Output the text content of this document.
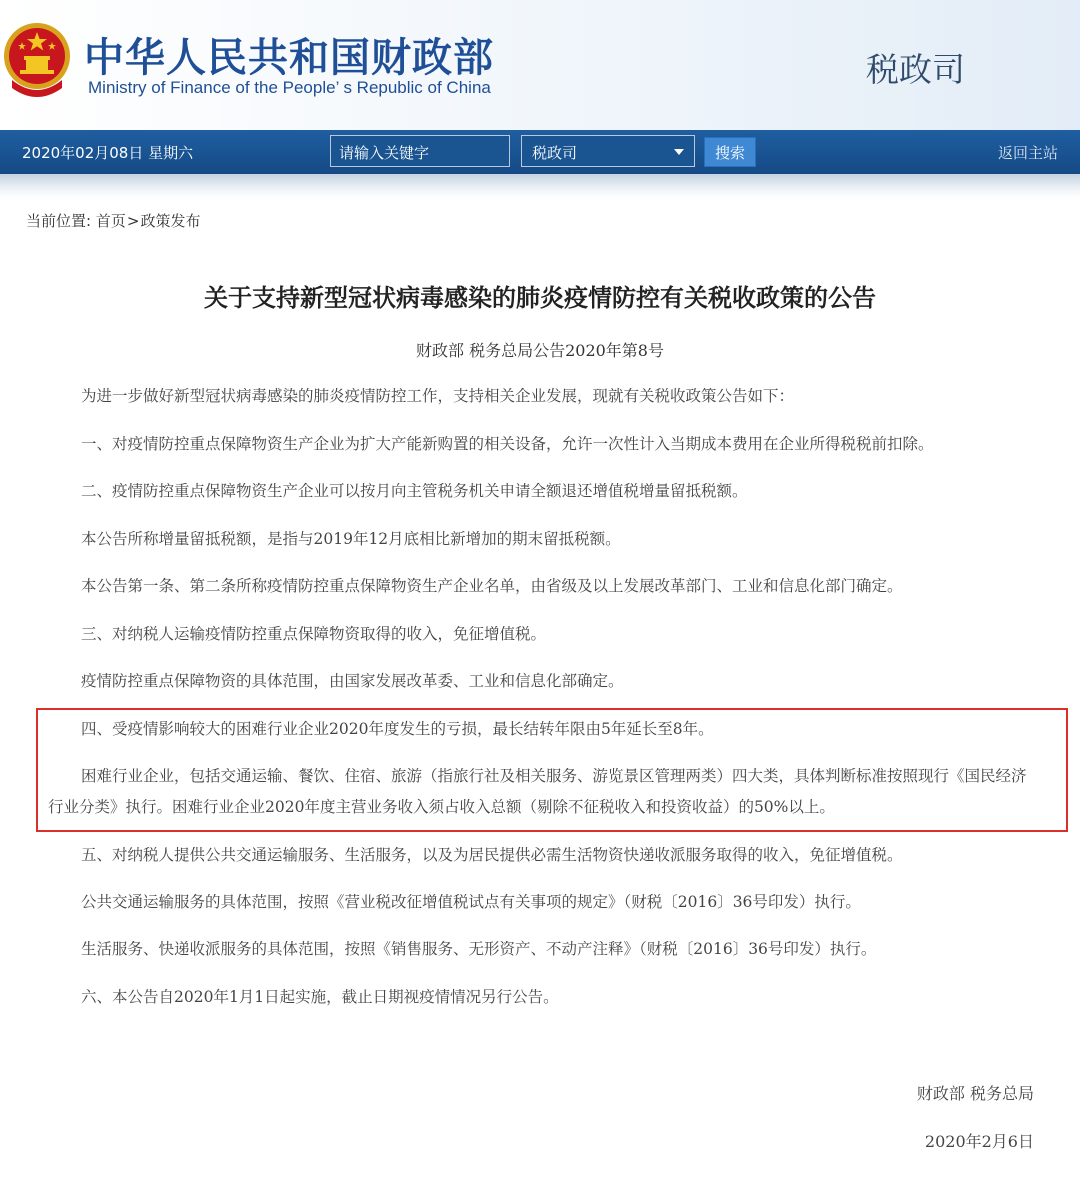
中华人民共和国财政部
Ministry of Finance of the People’ s Republic of China	税政司
2020年02月08日 星期六	请输入关键字	税政司	搜索	返回主站
当前位置: 首页>政策发布
关于支持新型冠状病毒感染的肺炎疫情防控有关税收政策的公告
财政部 税务总局公告2020年第8号
为进一步做好新型冠状病毒感染的肺炎疫情防控工作，支持相关企业发展，现就有关税收政策公告如下：
一、对疫情防控重点保障物资生产企业为扩大产能新购置的相关设备，允许一次性计入当期成本费用在企业所得税税前扣除。
二、疫情防控重点保障物资生产企业可以按月向主管税务机关申请全额退还增值税增量留抵税额。
本公告所称增量留抵税额，是指与2019年12月底相比新增加的期末留抵税额。
本公告第一条、第二条所称疫情防控重点保障物资生产企业名单，由省级及以上发展改革部门、工业和信息化部门确定。
三、对纳税人运输疫情防控重点保障物资取得的收入，免征增值税。
疫情防控重点保障物资的具体范围，由国家发展改革委、工业和信息化部确定。
四、受疫情影响较大的困难行业企业2020年度发生的亏损，最长结转年限由5年延长至8年。
困难行业企业，包括交通运输、餐饮、住宿、旅游（指旅行社及相关服务、游览景区管理两类）四大类，具体判断标准按照现行《国民经济行业分类》执行。困难行业企业2020年度主营业务收入须占收入总额（剔除不征税收入和投资收益）的50%以上。
五、对纳税人提供公共交通运输服务、生活服务，以及为居民提供必需生活物资快递收派服务取得的收入，免征增值税。
公共交通运输服务的具体范围，按照《营业税改征增值税试点有关事项的规定》（财税〔2016〕36号印发）执行。
生活服务、快递收派服务的具体范围，按照《销售服务、无形资产、不动产注释》（财税〔2016〕36号印发）执行。
六、本公告自2020年1月1日起实施，截止日期视疫情情况另行公告。
财政部 税务总局
2020年2月6日
